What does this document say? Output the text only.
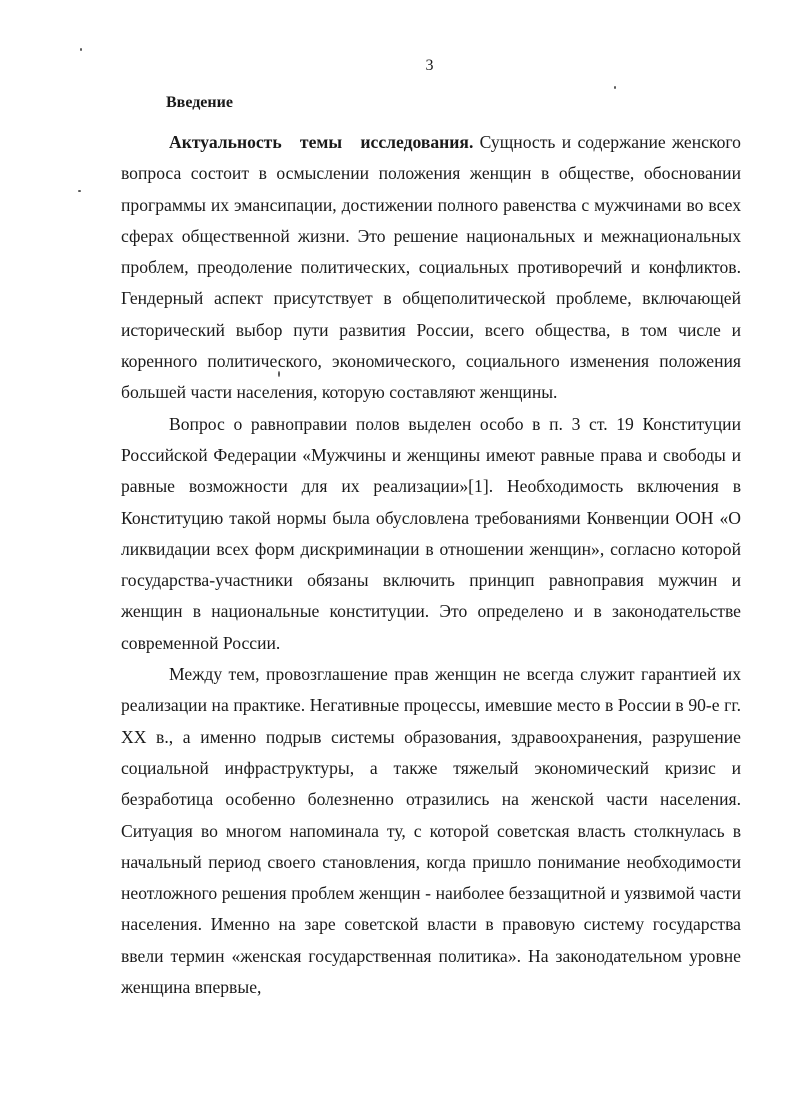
3
Введение

Актуальность темы исследования. Сущность и содержание женского вопроса состоит в осмыслении положения женщин в обществе, обосновании программы их эмансипации, достижении полного равенства с мужчинами во всех сферах общественной жизни. Это решение национальных и межнациональных проблем, преодоление политических, социальных противоречий и конфликтов. Гендерный аспект присутствует в общеполитической проблеме, включающей исторический выбор пути развития России, всего общества, в том числе и коренного политического, экономического, социального изменения положения большей части населения, которую составляют женщины.

Вопрос о равноправии полов выделен особо в п. 3 ст. 19 Конституции Российской Федерации «Мужчины и женщины имеют равные права и свободы и равные возможности для их реализации»[1]. Необходимость включения в Конституцию такой нормы была обусловлена требованиями Конвенции ООН «О ликвидации всех форм дискриминации в отношении женщин», согласно которой государства-участники обязаны включить принцип равноправия мужчин и женщин в национальные конституции. Это определено и в законодательстве современной России.

Между тем, провозглашение прав женщин не всегда служит гарантией их реализации на практике. Негативные процессы, имевшие место в России в 90-е гг. XX в., а именно подрыв системы образования, здравоохранения, разрушение социальной инфраструктуры, а также тяжелый экономический кризис и безработица особенно болезненно отразились на женской части населения. Ситуация во многом напоминала ту, с которой советская власть столкнулась в начальный период своего становления, когда пришло понимание необходимости неотложного решения проблем женщин - наиболее беззащитной и уязвимой части населения. Именно на заре советской власти в правовую систему государства ввели термин «женская государственная политика». На законодательном уровне женщина впервые,
